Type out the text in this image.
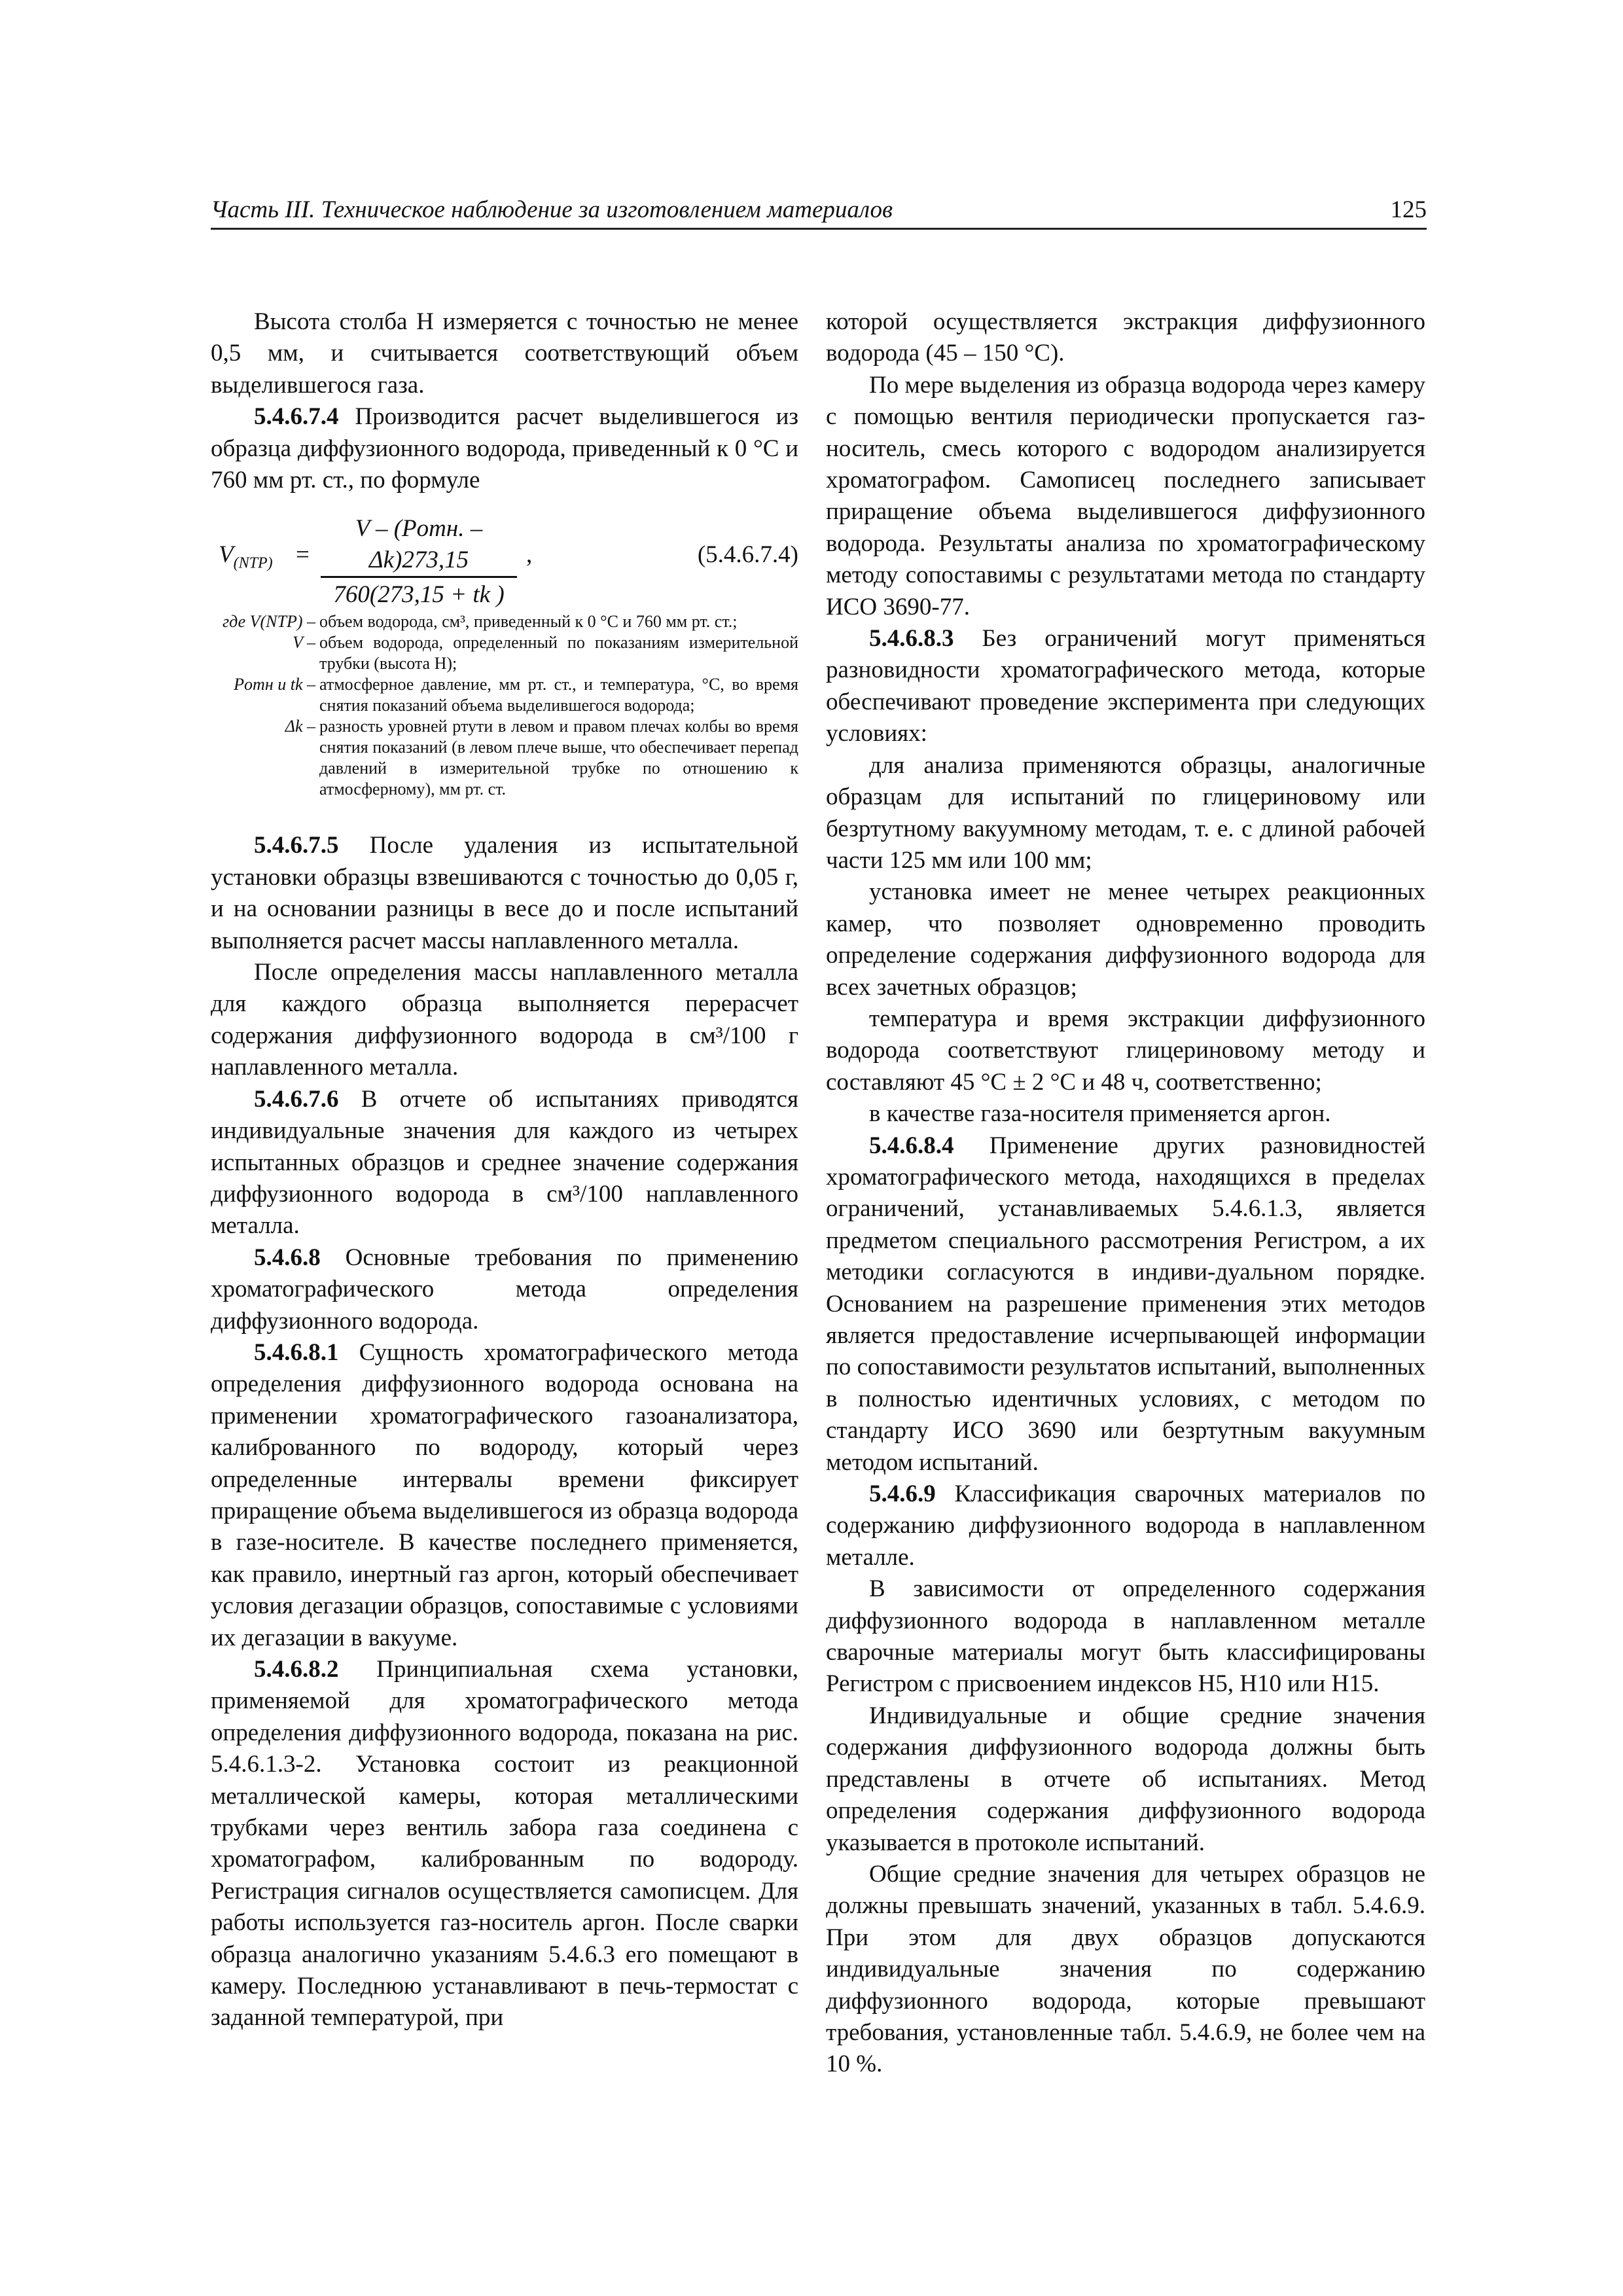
Часть III. Техническое наблюдение за изготовлением материалов	125

Высота столба H измеряется с точностью не менее 0,5 мм, и считывается соответствующий объем выделившегося газа.

5.4.6.7.4 Производится расчет выделившегося из образца диффузионного водорода, приведенный к 0 °С и 760 мм рт. ст., по формуле

$V_{(NTP)}$ =
V – (Pотн. – Δk)273,15
760(273,15 + tk )
,	(5.4.6.7.4)
где V(NTP) – объем водорода, см³, приведенный к 0 °С и 760 мм рт. ст.;
V – объем водорода, определенный по показаниям измерительной трубки (высота H);
Pотн и tk – атмосферное давление, мм рт. ст., и температура, °С, во время снятия показаний объема выделившегося водорода;
Δk – разность уровней ртути в левом и правом плечах колбы во время снятия показаний (в левом плече выше, что обеспечивает перепад давлений в измерительной трубке по отношению к атмосферному), мм рт. ст.

5.4.6.7.5 После удаления из испытательной установки образцы взвешиваются с точностью до 0,05 г, и на основании разницы в весе до и после испытаний выполняется расчет массы наплавленного металла.

После определения массы наплавленного металла для каждого образца выполняется перерасчет содержания диффузионного водорода в см³/100 г наплавленного металла.

5.4.6.7.6 В отчете об испытаниях приводятся индивидуальные значения для каждого из четырех испытанных образцов и среднее значение содержания диффузионного водорода в см³/100 наплавленного металла.

5.4.6.8 Основные требования по применению хроматографического метода определения диффузионного водорода.

5.4.6.8.1 Сущность хроматографического метода определения диффузионного водорода основана на применении хроматографического газоанализатора, калиброванного по водороду, который через определенные интервалы времени фиксирует приращение объема выделившегося из образца водорода в газе-носителе. В качестве последнего применяется, как правило, инертный газ аргон, который обеспечивает условия дегазации образцов, сопоставимые с условиями их дегазации в вакууме.

5.4.6.8.2 Принципиальная схема установки, применяемой для хроматографического метода определения диффузионного водорода, показана на рис. 5.4.6.1.3-2. Установка состоит из реакционной металлической камеры, которая металлическими трубками через вентиль забора газа соединена с хроматографом, калиброванным по водороду. Регистрация сигналов осуществляется самописцем. Для работы используется газ-носитель аргон. После сварки образца аналогично указаниям 5.4.6.3 его помещают в камеру. Последнюю устанавливают в печь-термостат с заданной температурой, при

которой осуществляется экстракция диффузионного водорода (45 – 150 °С).

По мере выделения из образца водорода через камеру с помощью вентиля периодически пропускается газ-носитель, смесь которого с водородом анализируется хроматографом. Самописец последнего записывает приращение объема выделившегося диффузионного водорода. Результаты анализа по хроматографическому методу сопоставимы с результатами метода по стандарту ИСО 3690-77.

5.4.6.8.3 Без ограничений могут применяться разновидности хроматографического метода, которые обеспечивают проведение эксперимента при следующих условиях:

для анализа применяются образцы, аналогичные образцам для испытаний по глицериновому или безртутному вакуумному методам, т. е. с длиной рабочей части 125 мм или 100 мм;

установка имеет не менее четырех реакционных камер, что позволяет одновременно проводить определение содержания диффузионного водорода для всех зачетных образцов;

температура и время экстракции диффузионного водорода соответствуют глицериновому методу и составляют 45 °С ± 2 °С и 48 ч, соответственно;

в качестве газа-носителя применяется аргон.

5.4.6.8.4 Применение других разновидностей хроматографического метода, находящихся в пределах ограничений, устанавливаемых 5.4.6.1.3, является предметом специального рассмотрения Регистром, а их методики согласуются в индиви-дуальном порядке. Основанием на разрешение применения этих методов является предоставление исчерпывающей информации по сопоставимости результатов испытаний, выполненных в полностью идентичных условиях, с методом по стандарту ИСО 3690 или безртутным вакуумным методом испытаний.

5.4.6.9 Классификация сварочных материалов по содержанию диффузионного водорода в наплавленном металле.

В зависимости от определенного содержания диффузионного водорода в наплавленном металле сварочные материалы могут быть классифицированы Регистром с присвоением индексов H5, H10 или H15.

Индивидуальные и общие средние значения содержания диффузионного водорода должны быть представлены в отчете об испытаниях. Метод определения содержания диффузионного водорода указывается в протоколе испытаний.

Общие средние значения для четырех образцов не должны превышать значений, указанных в табл. 5.4.6.9. При этом для двух образцов допускаются индивидуальные значения по содержанию диффузионного водорода, которые превышают требования, установленные табл. 5.4.6.9, не более чем на 10 %.
